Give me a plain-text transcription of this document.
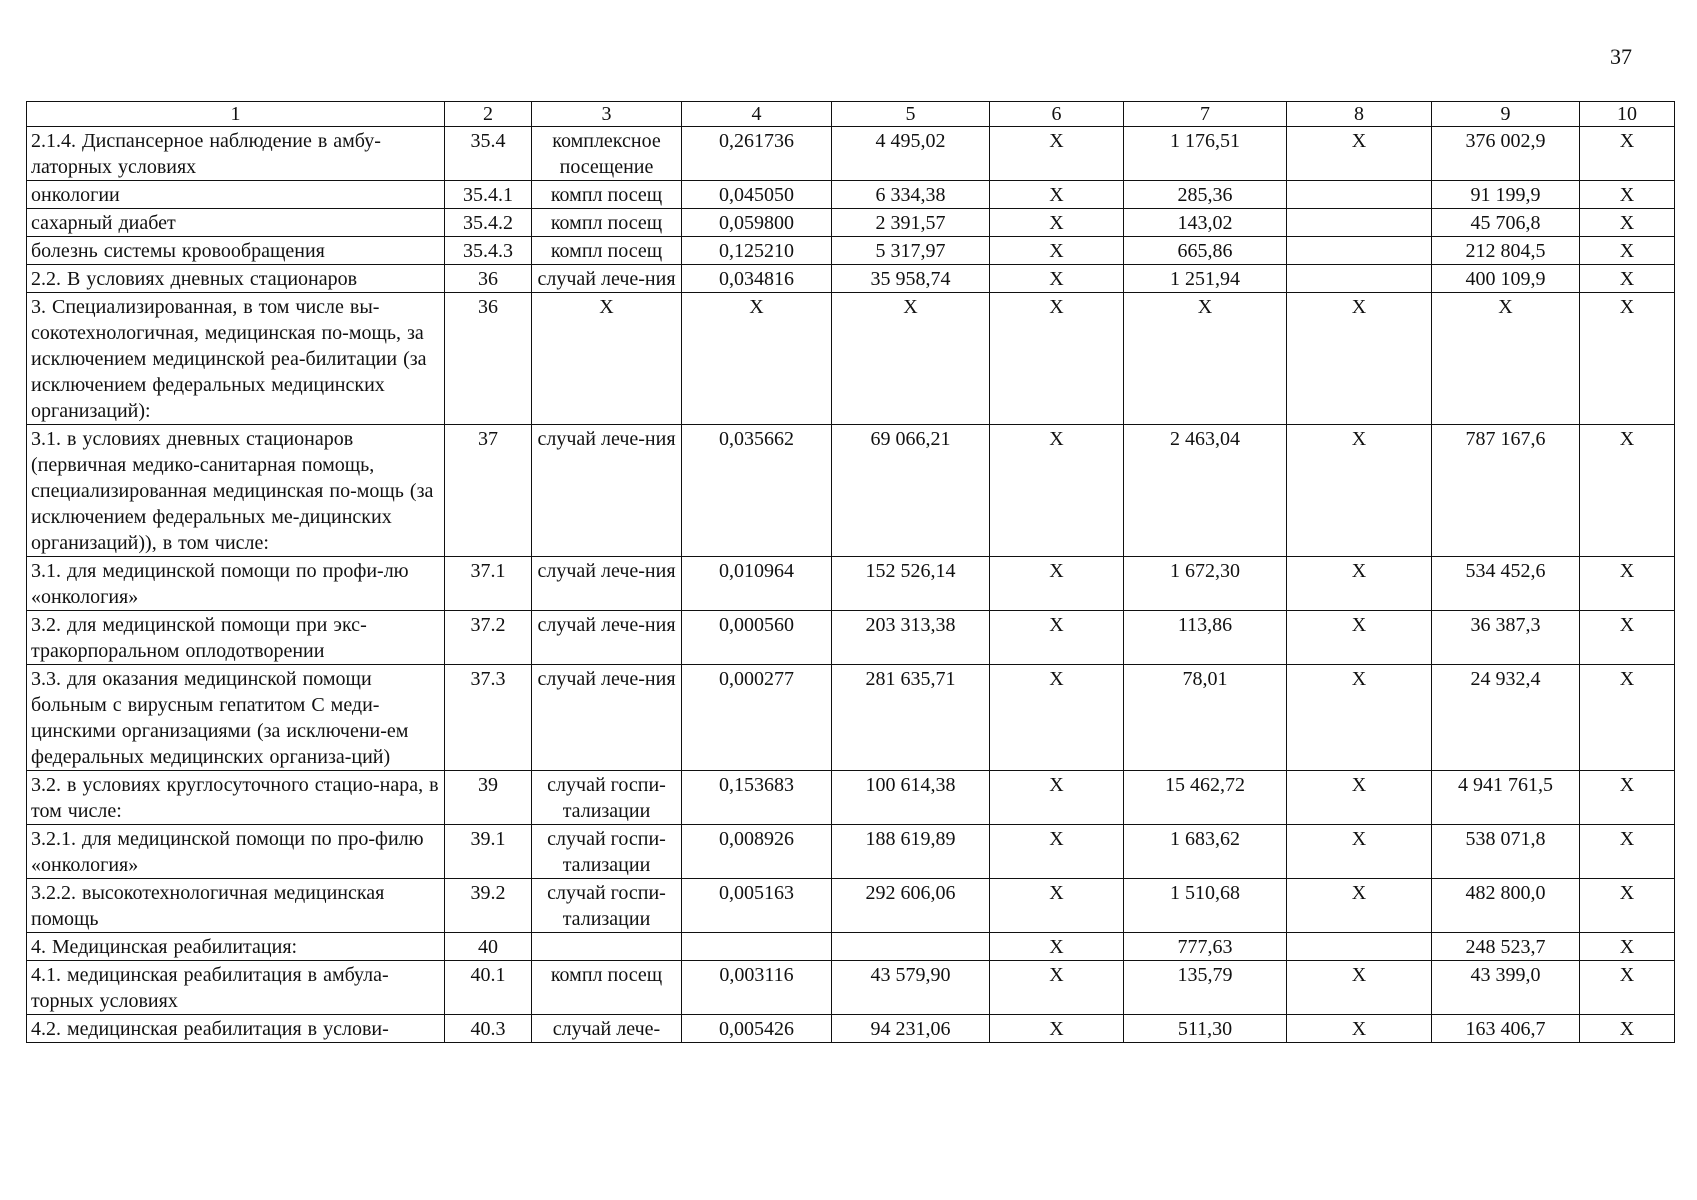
37
1	2	3	4	5	6	7	8	9	10
2.1.4. Диспансерное наблюдение в амбу-латорных условиях	35.4	комплексное посещение	0,261736	4 495,02	X	1 176,51	X	376 002,9	X
онкологии	35.4.1	компл посещ	0,045050	6 334,38	X	285,36		91 199,9	X
сахарный диабет	35.4.2	компл посещ	0,059800	2 391,57	X	143,02		45 706,8	X
болезнь системы кровообращения	35.4.3	компл посещ	0,125210	5 317,97	X	665,86		212 804,5	X
2.2. В условиях дневных стационаров	36	случай лече-ния	0,034816	35 958,74	X	1 251,94		400 109,9	X
3. Специализированная, в том числе вы-сокотехнологичная, медицинская по-мощь, за исключением медицинской реа-билитации (за исключением федеральных медицинских организаций):	36	X	X	X	X	X	X	X	X
3.1. в условиях дневных стационаров (первичная медико-санитарная помощь, специализированная медицинская по-мощь (за исключением федеральных ме-дицинских организаций)), в том числе:	37	случай лече-ния	0,035662	69 066,21	X	2 463,04	X	787 167,6	X
3.1. для медицинской помощи по профи-лю «онкология»	37.1	случай лече-ния	0,010964	152 526,14	X	1 672,30	X	534 452,6	X
3.2. для медицинской помощи при экс-тракорпоральном оплодотворении	37.2	случай лече-ния	0,000560	203 313,38	X	113,86	X	36 387,3	X
3.3. для оказания медицинской помощи больным с вирусным гепатитом С меди-цинскими организациями (за исключени-ем федеральных медицинских организа-ций)	37.3	случай лече-ния	0,000277	281 635,71	X	78,01	X	24 932,4	X
3.2. в условиях круглосуточного стацио-нара, в том числе:	39	случай госпи-тализации	0,153683	100 614,38	X	15 462,72	X	4 941 761,5	X
3.2.1. для медицинской помощи по про-филю «онкология»	39.1	случай госпи-тализации	0,008926	188 619,89	X	1 683,62	X	538 071,8	X
3.2.2. высокотехнологичная медицинская помощь	39.2	случай госпи-тализации	0,005163	292 606,06	X	1 510,68	X	482 800,0	X
4. Медицинская реабилитация:	40				X	777,63		248 523,7	X
4.1. медицинская реабилитация в амбула-торных условиях	40.1	компл посещ	0,003116	43 579,90	X	135,79	X	43 399,0	X
4.2. медицинская реабилитация в услови-	40.3	случай лече-	0,005426	94 231,06	X	511,30	X	163 406,7	X
